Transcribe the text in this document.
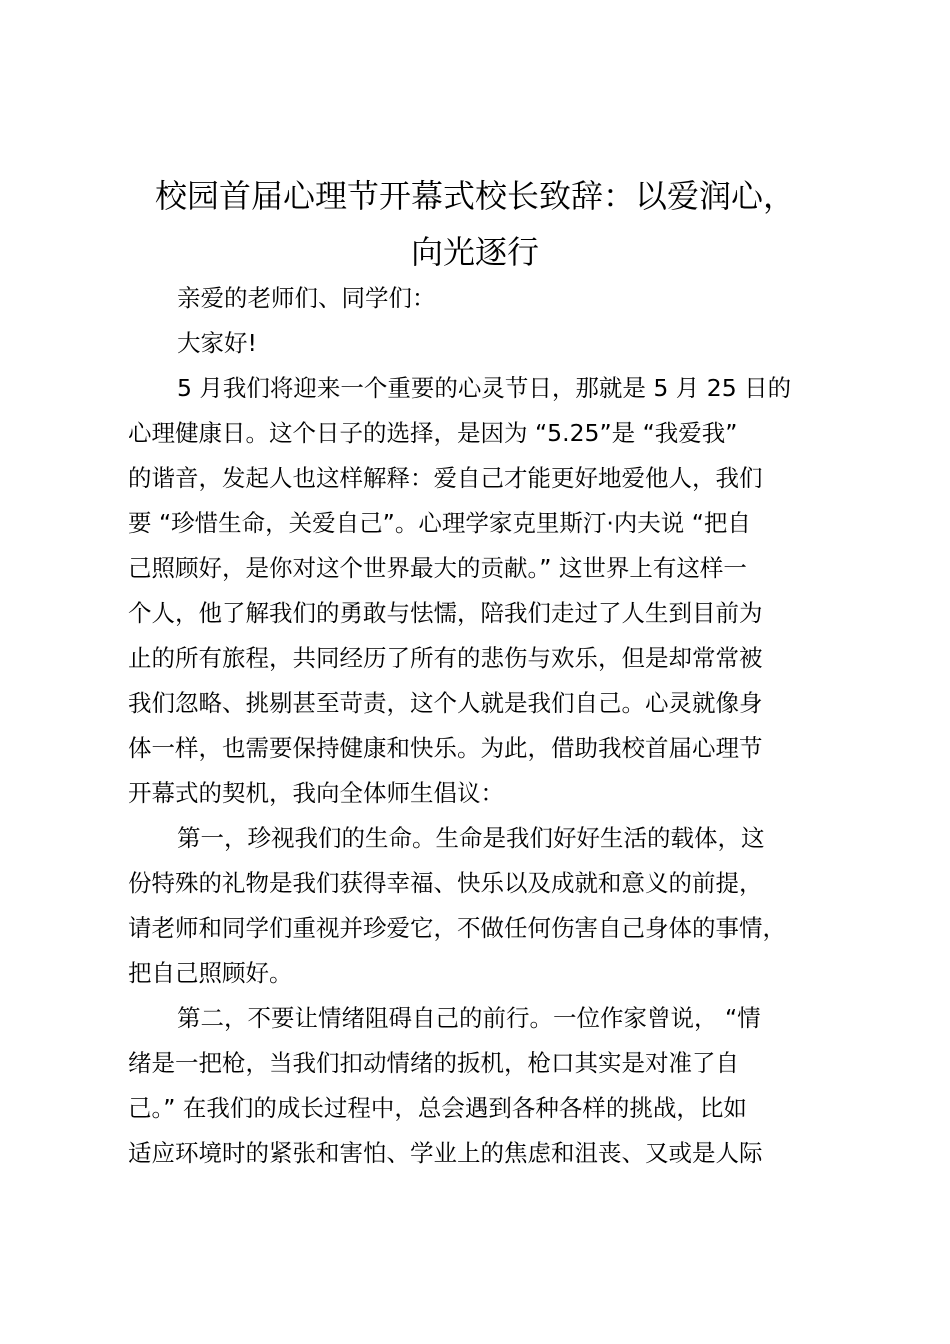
校园首届心理节开幕式校长致辞：以爱润心，
向光逐行
亲爱的老师们、同学们：
大家好!
5 月我们将迎来一个重要的心灵节日，那就是 5 月 25 日的
心理健康日。这个日子的选择，是因为 “5.25”是 “我爱我”
的谐音，发起人也这样解释：爱自己才能更好地爱他人，我们
要 “珍惜生命，关爱自己”。心理学家克里斯汀·内夫说 “把自
己照顾好，是你对这个世界最大的贡献。” 这世界上有这样一
个人，他了解我们的勇敢与怯懦，陪我们走过了人生到目前为
止的所有旅程，共同经历了所有的悲伤与欢乐，但是却常常被
我们忽略、挑剔甚至苛责，这个人就是我们自己。心灵就像身
体一样，也需要保持健康和快乐。为此，借助我校首届心理节
开幕式的契机，我向全体师生倡议：
第一，珍视我们的生命。生命是我们好好生活的载体，这
份特殊的礼物是我们获得幸福、快乐以及成就和意义的前提，
请老师和同学们重视并珍爱它，不做任何伤害自己身体的事情，
把自己照顾好。
第二，不要让情绪阻碍自己的前行。一位作家曾说， “情
绪是一把枪，当我们扣动情绪的扳机，枪口其实是对准了自
己。” 在我们的成长过程中，总会遇到各种各样的挑战，比如
适应环境时的紧张和害怕、学业上的焦虑和沮丧、又或是人际
